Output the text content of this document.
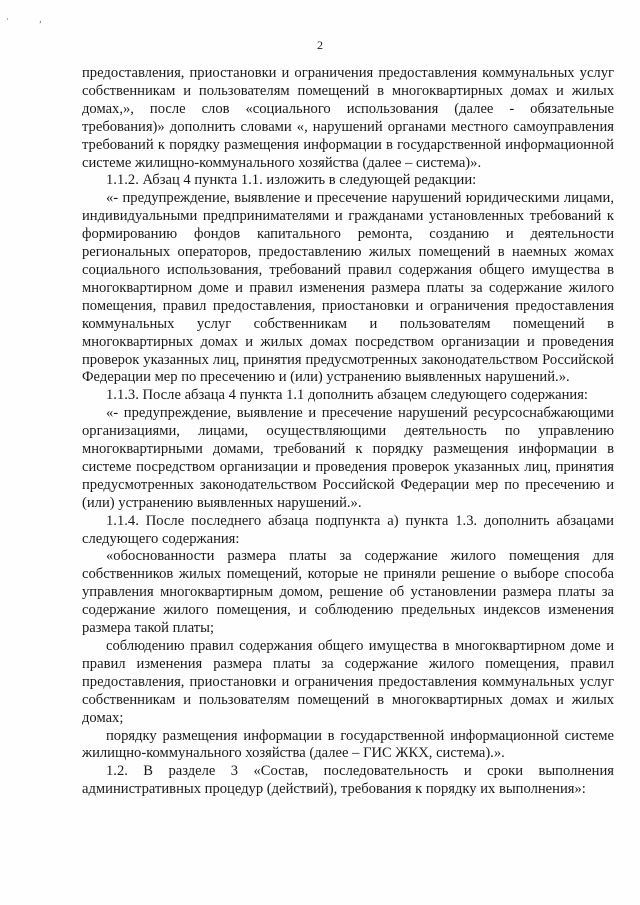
· ,
2

предоставления, приостановки и ограничения предоставления коммунальных услуг собственникам и пользователям помещений в многоквартирных домах и жилых домах,», после слов «социального использования (далее - обязательные требования)» дополнить словами «, нарушений органами местного самоуправления требований к порядку размещения информации в государственной информационной системе жилищно-коммунального хозяйства (далее – система)».

1.1.2. Абзац 4 пункта 1.1. изложить в следующей редакции:

«- предупреждение, выявление и пресечение нарушений юридическими лицами, индивидуальными предпринимателями и гражданами установленных требований к формированию фондов капитального ремонта, созданию и деятельности региональных операторов, предоставлению жилых помещений в наемных жомах социального использования, требований правил содержания общего имущества в многоквартирном доме и правил изменения размера платы за содержание жилого помещения, правил предоставления, приостановки и ограничения предоставления коммунальных услуг собственникам и пользователям помещений в многоквартирных домах и жилых домах посредством организации и проведения проверок указанных лиц, принятия предусмотренных законодательством Российской Федерации мер по пресечению и (или) устранению выявленных нарушений.».

1.1.3. После абзаца 4 пункта 1.1 дополнить абзацем следующего содержания:

«- предупреждение, выявление и пресечение нарушений ресурсоснабжающими организациями, лицами, осуществляющими деятельность по управлению многоквартирными домами, требований к порядку размещения информации в системе посредством организации и проведения проверок указанных лиц, принятия предусмотренных законодательством Российской Федерации мер по пресечению и (или) устранению выявленных нарушений.».

1.1.4. После последнего абзаца подпункта а) пункта 1.3. дополнить абзацами следующего содержания:

«обоснованности размера платы за содержание жилого помещения для собственников жилых помещений, которые не приняли решение о выборе способа управления многоквартирным домом, решение об установлении размера платы за содержание жилого помещения, и соблюдению предельных индексов изменения размера такой платы;

соблюдению правил содержания общего имущества в многоквартирном доме и правил изменения размера платы за содержание жилого помещения, правил предоставления, приостановки и ограничения предоставления коммунальных услуг собственникам и пользователям помещений в многоквартирных домах и жилых домах;

порядку размещения информации в государственной информационной системе жилищно-коммунального хозяйства (далее – ГИС ЖКХ, система).».

1.2. В разделе 3 «Состав, последовательность и сроки выполнения административных процедур (действий), требования к порядку их выполнения»:
